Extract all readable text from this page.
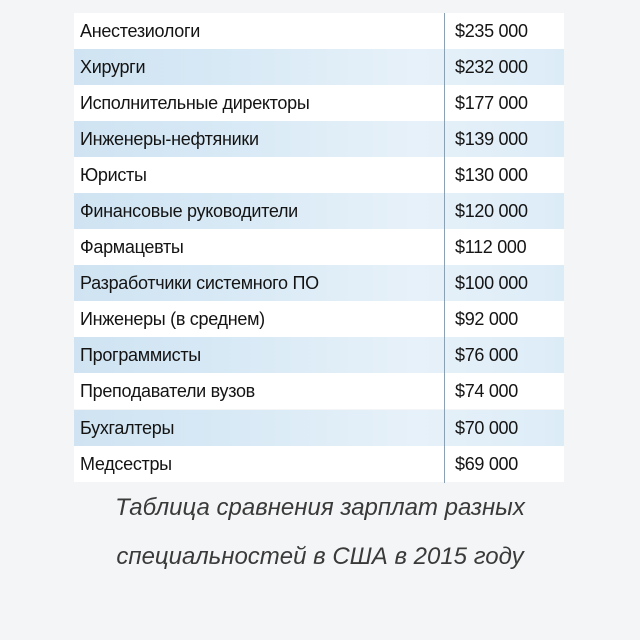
Анестезиологи	$235 000
Хирурги	$232 000
Исполнительные директоры	$177 000
Инженеры-нефтяники	$139 000
Юристы	$130 000
Финансовые руководители	$120 000
Фармацевты	$112 000
Разработчики системного ПО	$100 000
Инженеры (в среднем)	$92 000
Программисты	$76 000
Преподаватели вузов	$74 000
Бухгалтеры	$70 000
Медсестры	$69 000
Таблица сравнения зарплат разных
специальностей в США в 2015 году
